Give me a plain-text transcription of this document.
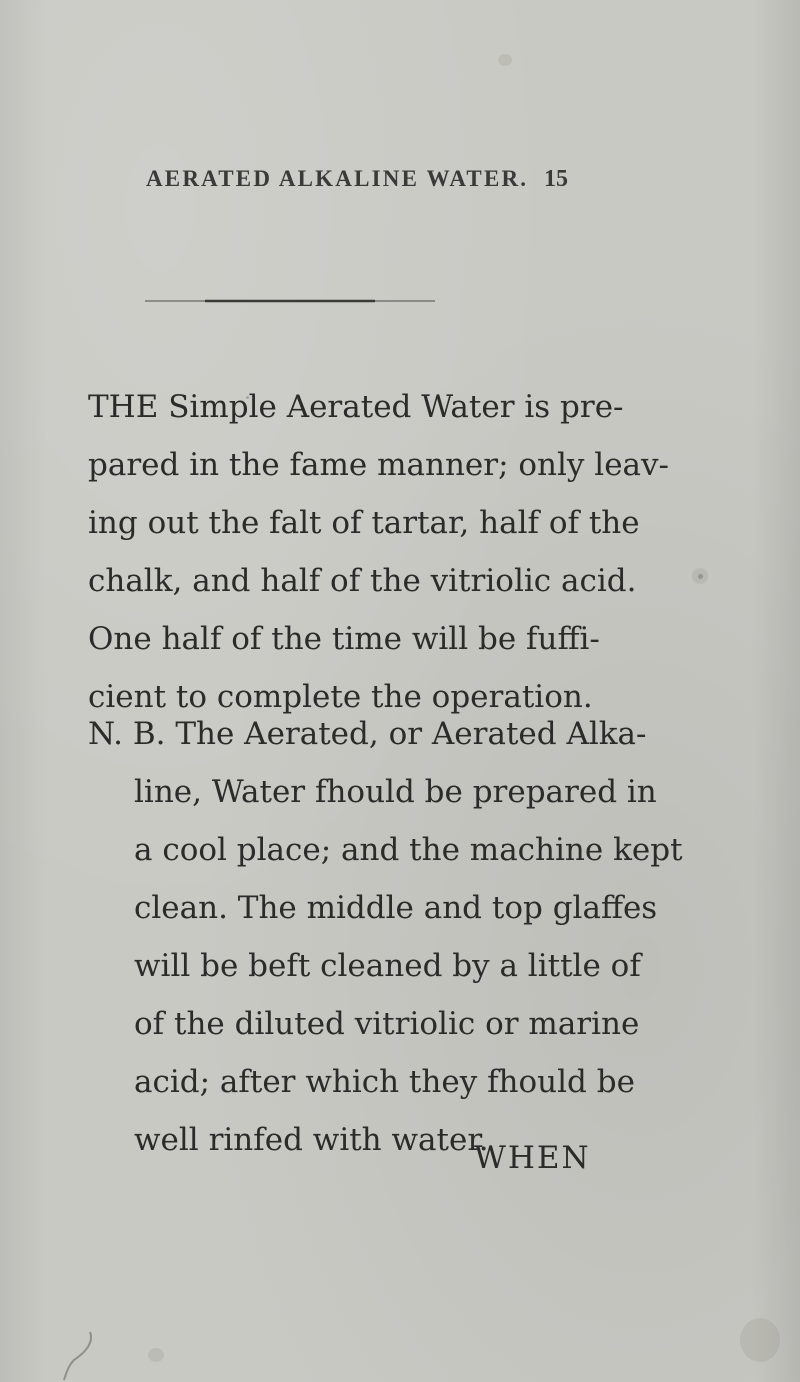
AERATED ALKALINE WATER. 15
THE Simple Aerated Water is pre-
pared in the fame manner; only leav-
ing out the falt of tartar, half of the
chalk, and half of the vitriolic acid.
One half of the time will be fuffi-
cient to complete the operation.
N. B. The Aerated, or Aerated Alka-
line, Water fhould be prepared in
a cool place; and the machine kept
clean. The middle and top glaffes
will be beft cleaned by a little of
of the diluted vitriolic or marine
acid; after which they fhould be
well rinfed with water.
WHEN
